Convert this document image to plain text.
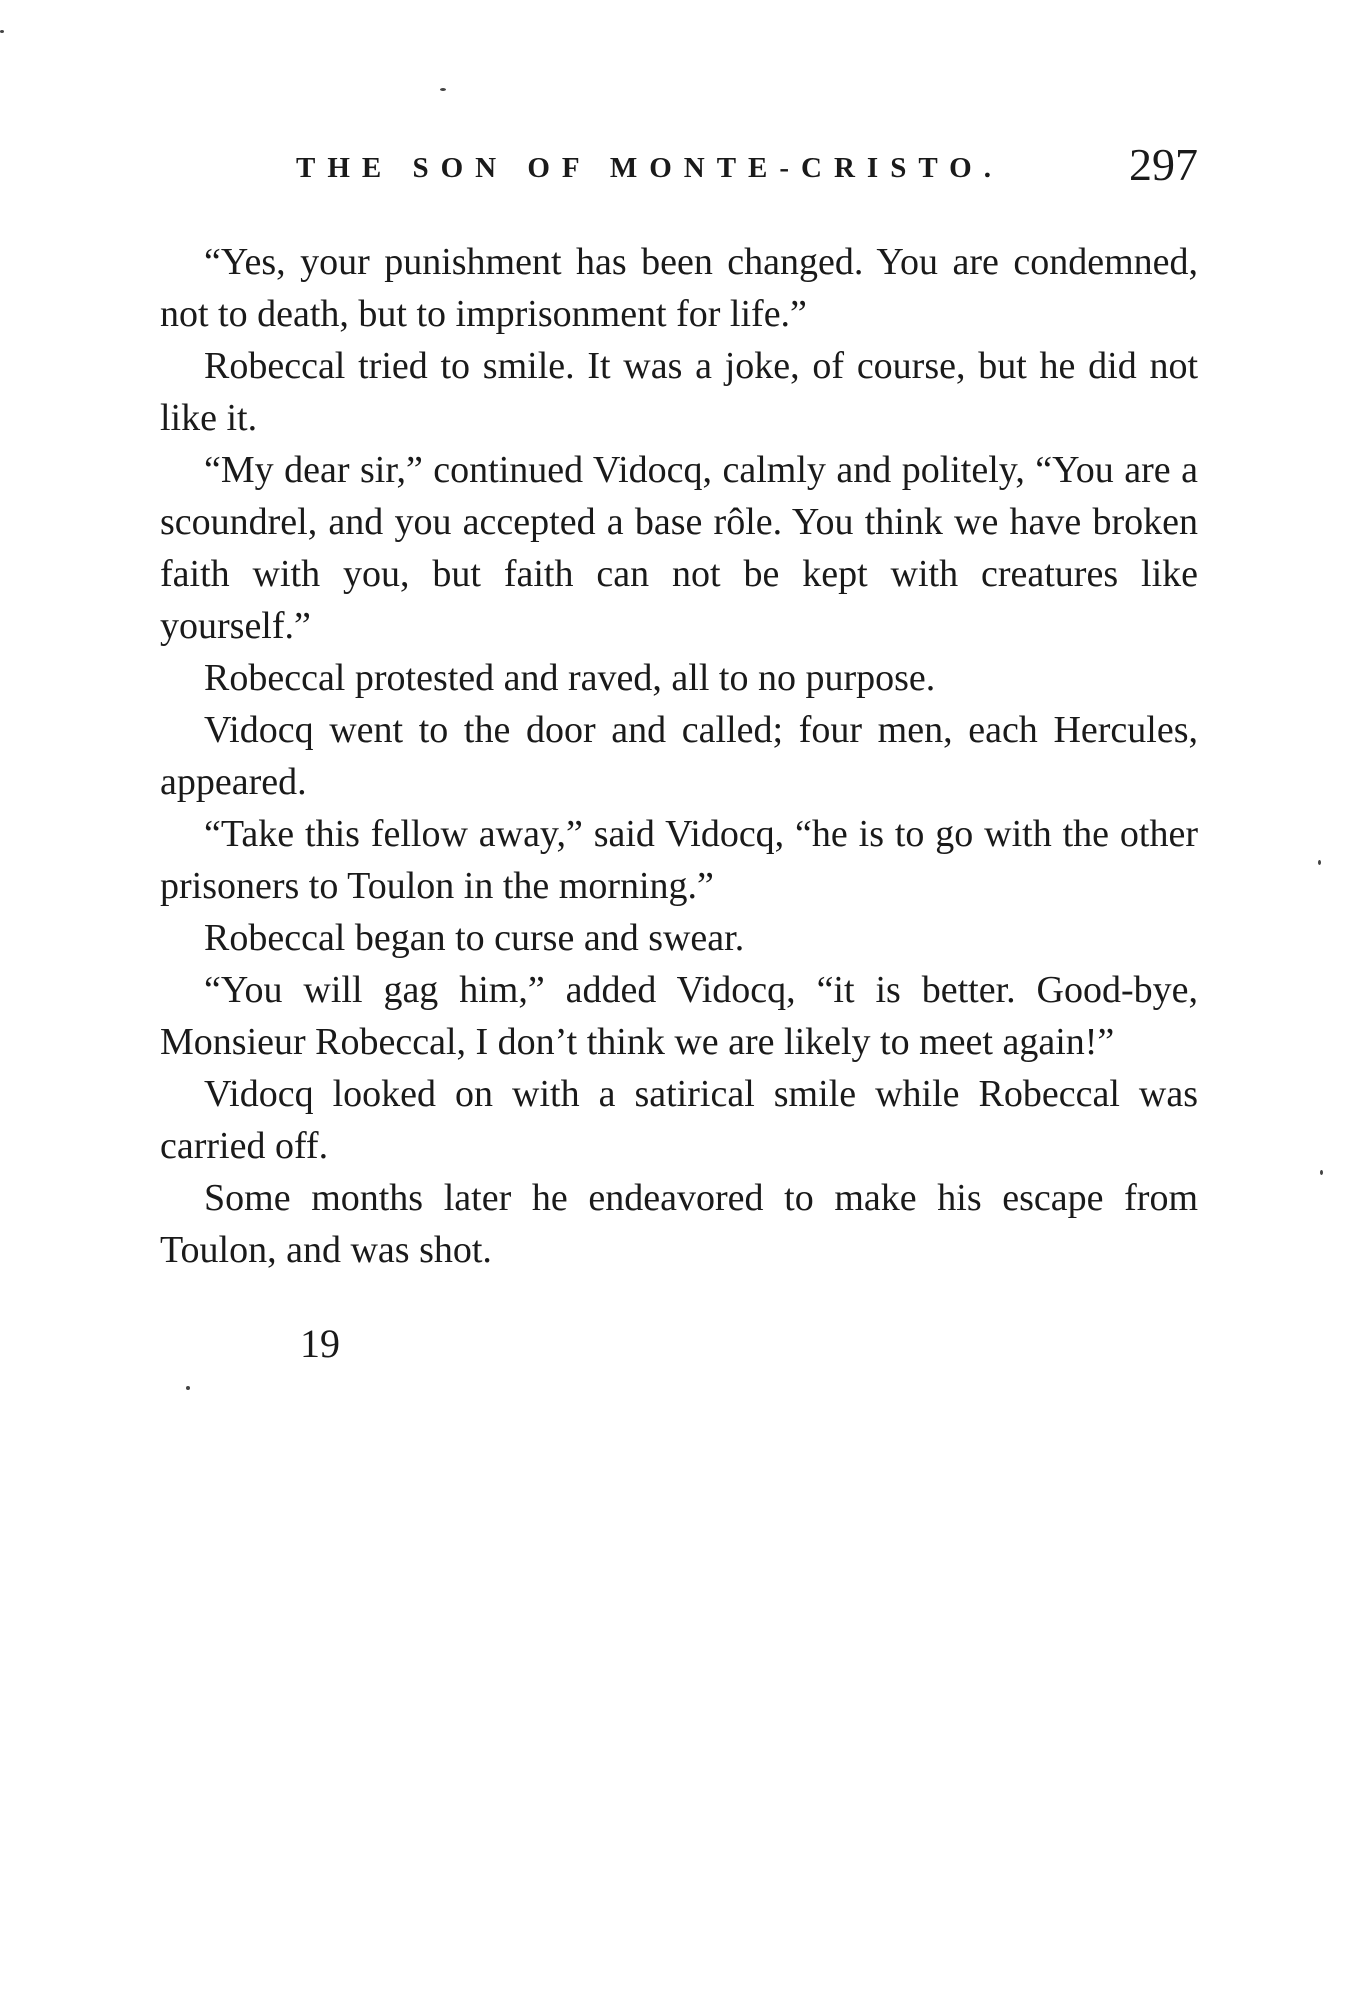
THE SON OF MONTE-CRISTO.	297

“Yes, your punishment has been changed. You are condemned, not to death, but to imprisonment for life.”

Robeccal tried to smile. It was a joke, of course, but he did not like it.

“My dear sir,” continued Vidocq, calmly and politely, “You are a scoundrel, and you accepted a base rôle. You think we have broken faith with you, but faith can not be kept with creatures like yourself.”

Robeccal protested and raved, all to no purpose.

Vidocq went to the door and called; four men, each Hercules, appeared.

“Take this fellow away,” said Vidocq, “he is to go with the other prisoners to Toulon in the morning.”

Robeccal began to curse and swear.

“You will gag him,” added Vidocq, “it is better. Good-bye, Monsieur Robeccal, I don’t think we are likely to meet again!”

Vidocq looked on with a satirical smile while Robeccal was carried off.

Some months later he endeavored to make his escape from Toulon, and was shot.

19
